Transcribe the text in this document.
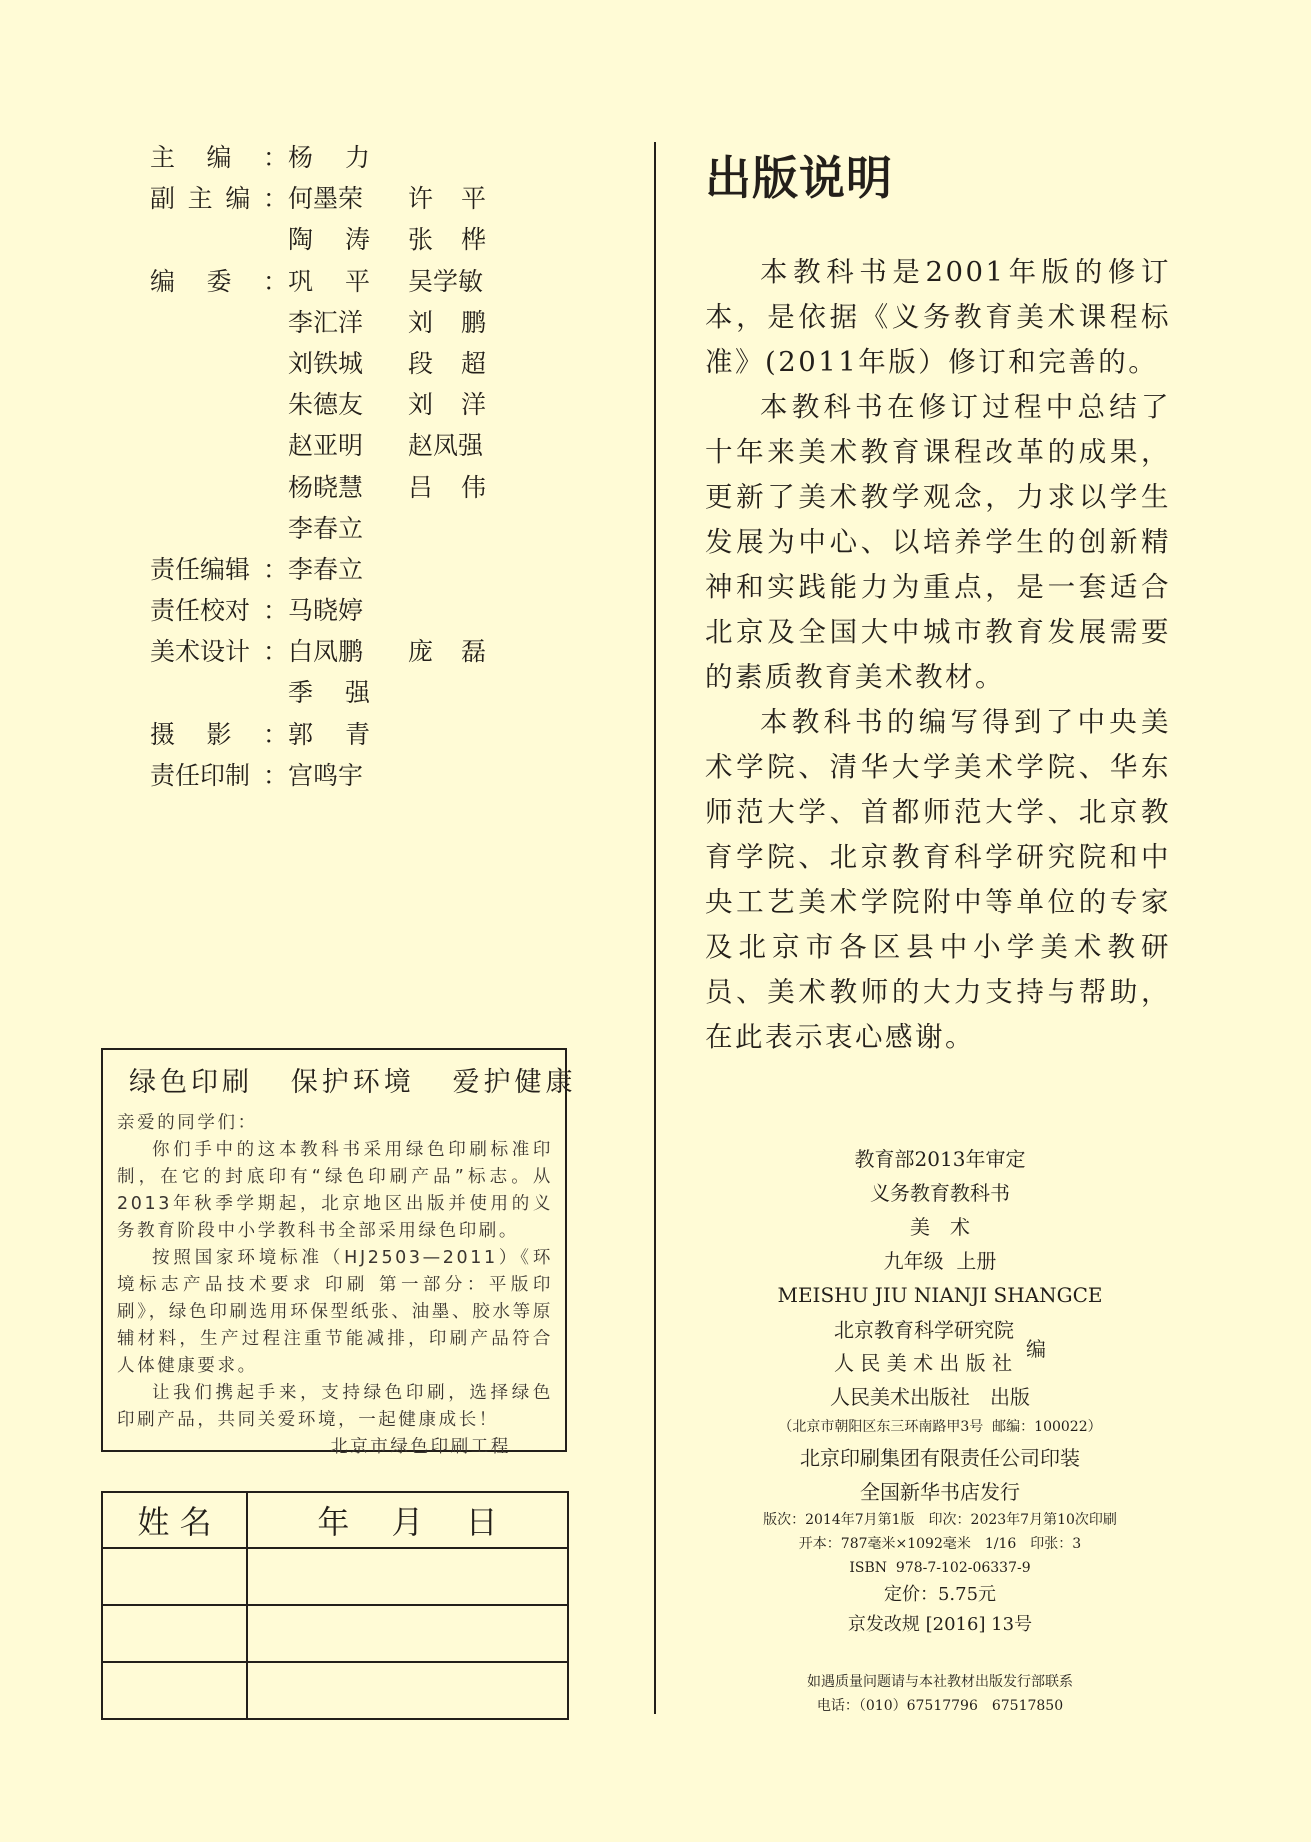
主 编 ： 杨 力
副 主 编 ： 何墨荣 许 平
陶 涛 张 桦
编 委 ： 巩 平 吴学敏
李汇洋 刘 鹏
刘铁城 段 超
朱德友 刘 洋
赵亚明 赵凤强
杨晓慧 吕 伟
李春立
责任编辑 ： 李春立
责任校对 ： 马晓婷
美术设计 ： 白凤鹏 庞 磊
季 强
摄 影 ： 郭 青
责任印制 ： 宫鸣宇
出版说明

本教科书是2001年版的修订本，是依据《义务教育美术课程标准》(2011年版）修订和完善的。

本教科书在修订过程中总结了十年来美术教育课程改革的成果，更新了美术教学观念，力求以学生发展为中心、以培养学生的创新精神和实践能力为重点，是一套适合北京及全国大中城市教育发展需要的素质教育美术教材。

本教科书的编写得到了中央美术学院、清华大学美术学院、华东师范大学、首都师范大学、北京教育学院、北京教育科学研究院和中央工艺美术学院附中等单位的专家及北京市各区县中小学美术教研员、美术教师的大力支持与帮助，在此表示衷心感谢。

绿色印刷   保护环境   爱护健康

亲爱的同学们：

你们手中的这本教科书采用绿色印刷标准印制，在它的封底印有“绿色印刷产品”标志。从2013年秋季学期起，北京地区出版并使用的义务教育阶段中小学教科书全部采用绿色印刷。

按照国家环境标准（HJ2503—2011）《环境标志产品技术要求 印刷 第一部分：平版印刷》，绿色印刷选用环保型纸张、油墨、胶水等原辅材料，生产过程注重节能减排，印刷产品符合人体健康要求。

让我们携起手来，支持绿色印刷，选择绿色印刷产品，共同关爱环境，一起健康成长！

北京市绿色印刷工程

姓 名	年　 月　 日

教育部2013年审定
义务教育教科书
美　术
九年级  上册
MEISHU JIU NIANJI SHANGCE
北京教育科学研究院
人 民 美 术 出 版 社
编
人民美术出版社　出版
（北京市朝阳区东三环南路甲3号  邮编：100022）
北京印刷集团有限责任公司印装
全国新华书店发行
版次：2014年7月第1版　印次：2023年7月第10次印刷
开本：787毫米×1092毫米　1/16　印张：3
ISBN  978-7-102-06337-9
定价：5.75元
京发改规 [2016] 13号
如遇质量问题请与本社教材出版发行部联系
电话：（010）67517796　67517850
